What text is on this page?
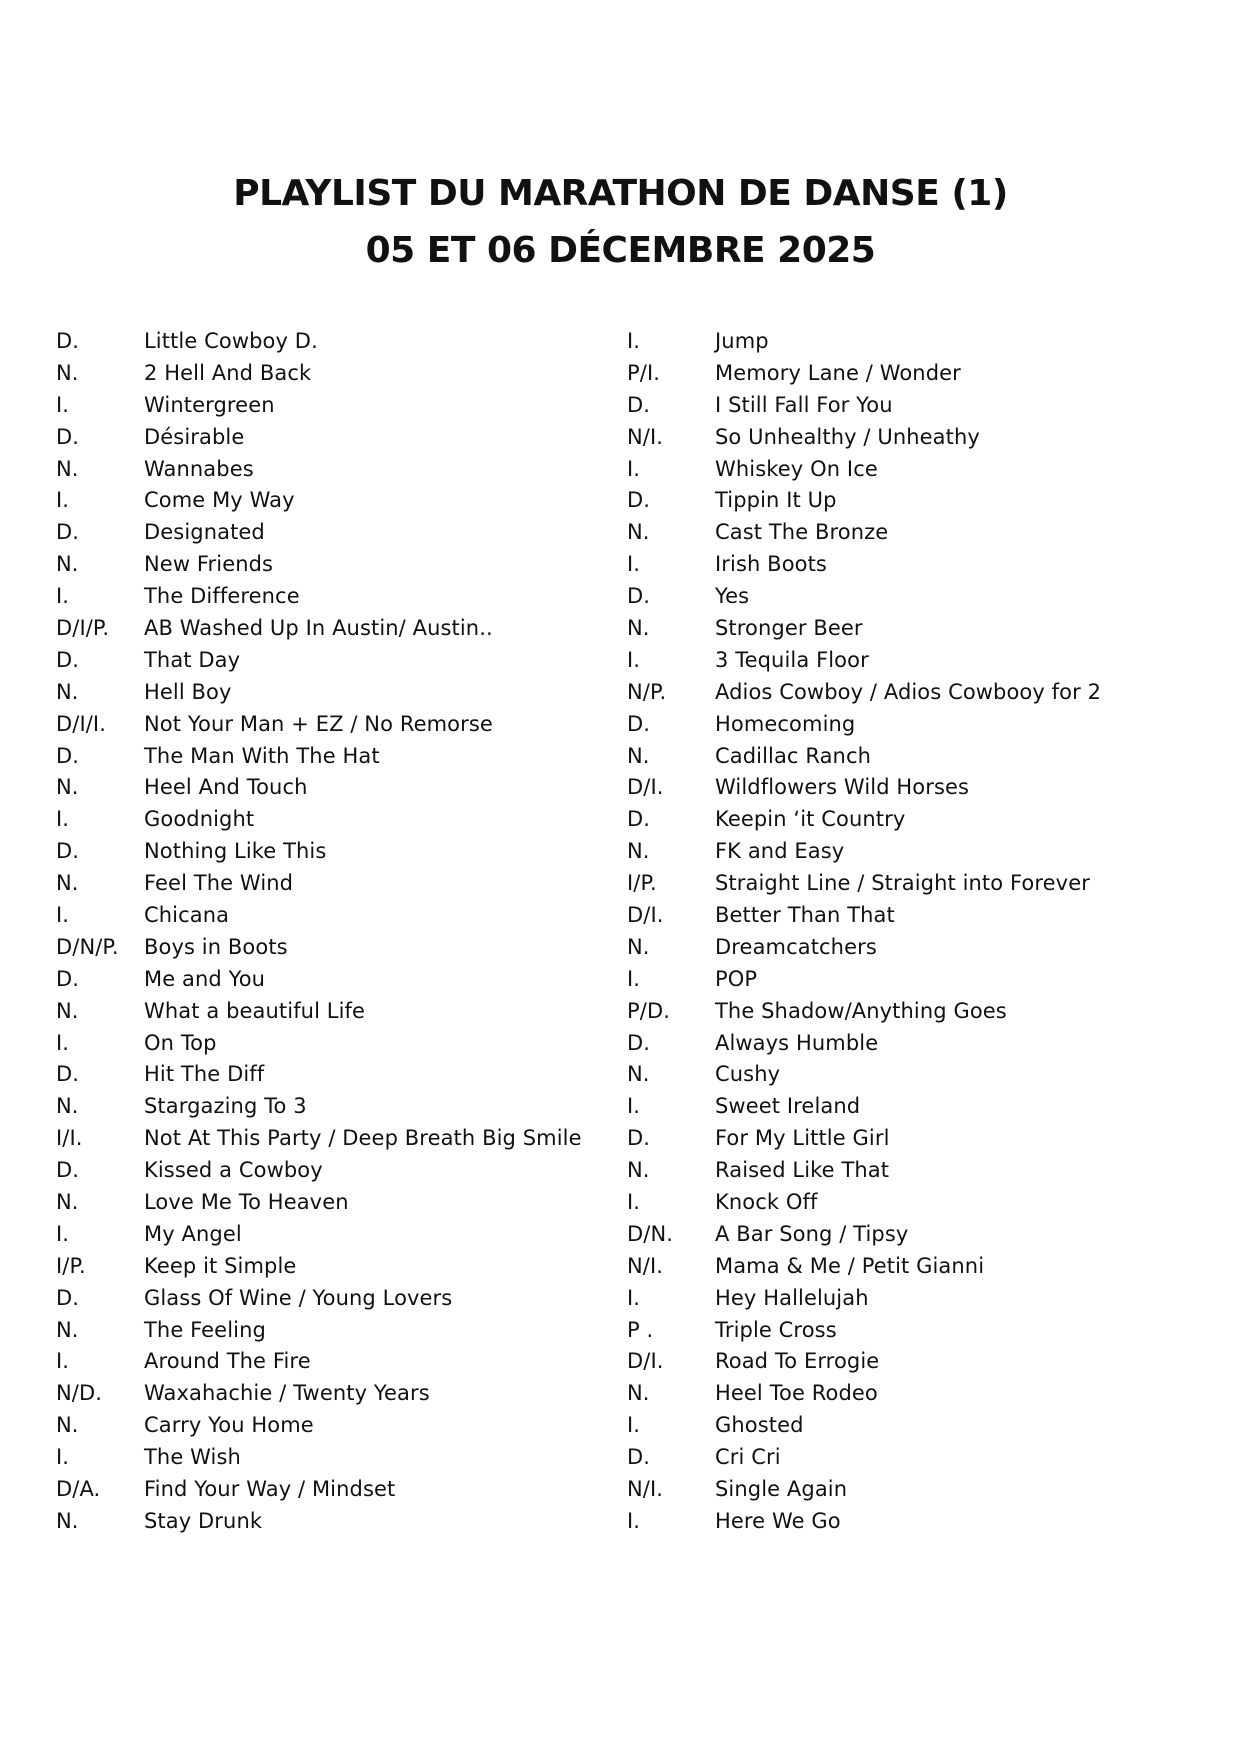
PLAYLIST DU MARATHON DE DANSE (1)
05 ET 06 DÉCEMBRE 2025
D.	Little Cowboy D.
N.	2 Hell And Back
I.	Wintergreen
D.	Désirable
N.	Wannabes
I.	Come My Way
D.	Designated
N.	New Friends
I.	The Difference
D/I/P.	AB Washed Up In Austin/ Austin..
D.	That Day
N.	Hell Boy
D/I/I.	Not Your Man + EZ / No Remorse
D.	The Man With The Hat
N.	Heel And Touch
I.	Goodnight
D.	Nothing Like This
N.	Feel The Wind
I.	Chicana
D/N/P.	Boys in Boots
D.	Me and You
N.	What a beautiful Life
I.	On Top
D.	Hit The Diff
N.	Stargazing To 3
I/I.	Not At This Party / Deep Breath Big Smile
D.	Kissed a Cowboy
N.	Love Me To Heaven
I.	My Angel
I/P.	Keep it Simple
D.	Glass Of Wine / Young Lovers
N.	The Feeling
I.	Around The Fire
N/D.	Waxahachie / Twenty Years
N.	Carry You Home
I.	The Wish
D/A.	Find Your Way / Mindset
N.	Stay Drunk
I.	Jump
P/I.	Memory Lane / Wonder
D.	I Still Fall For You
N/I.	So Unhealthy / Unheathy
I.	Whiskey On Ice
D.	Tippin It Up
N.	Cast The Bronze
I.	Irish Boots
D.	Yes
N.	Stronger Beer
I.	3 Tequila Floor
N/P.	Adios Cowboy / Adios Cowbooy for 2
D.	Homecoming
N.	Cadillac Ranch
D/I.	Wildflowers Wild Horses
D.	Keepin ‘it Country
N.	FK and Easy
I/P.	Straight Line / Straight into Forever
D/I.	Better Than That
N.	Dreamcatchers
I.	POP
P/D.	The Shadow/Anything Goes
D.	Always Humble
N.	Cushy
I.	Sweet Ireland
D.	For My Little Girl
N.	Raised Like That
I.	Knock Off
D/N.	A Bar Song / Tipsy
N/I.	Mama & Me / Petit Gianni
I.	Hey Hallelujah
P .	Triple Cross
D/I.	Road To Errogie
N.	Heel Toe Rodeo
I.	Ghosted
D.	Cri Cri
N/I.	Single Again
I.	Here We Go
